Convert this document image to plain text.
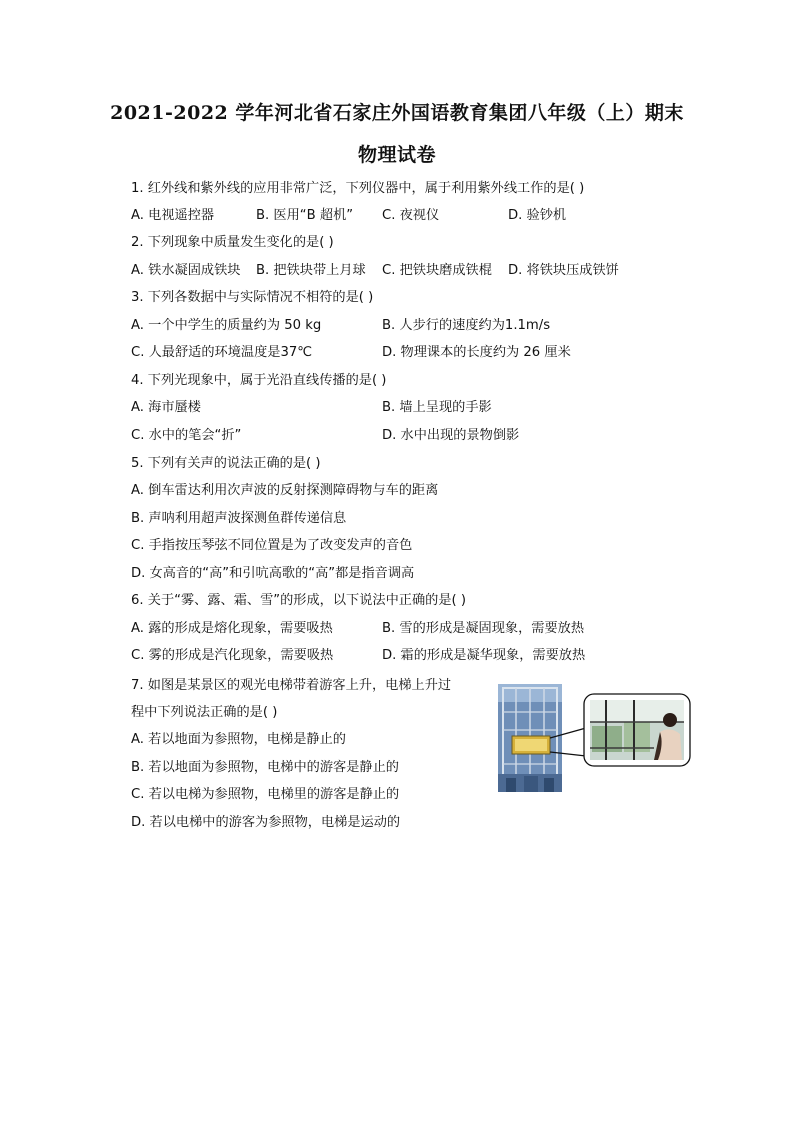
2021-2022 学年河北省石家庄外国语教育集团八年级（上）期末
物理试卷
1. 红外线和紫外线的应用非常广泛，下列仪器中，属于利用紫外线工作的是( )
A. 电视遥控器	B. 医用“B 超机” C. 夜视仪	D. 验钞机
2. 下列现象中质量发生变化的是( )
A. 铁水凝固成铁块 B. 把铁块带上月球 C. 把铁块磨成铁棍 D. 将铁块压成铁饼
3. 下列各数据中与实际情况不相符的是( )
A. 一个中学生的质量约为 50 kg	B. 人步行的速度约为1.1m/s
C. 人最舒适的环境温度是37℃	D. 物理课本的长度约为 26 厘米
4. 下列光现象中，属于光沿直线传播的是( )
A. 海市蜃楼	B. 墙上呈现的手影
C. 水中的笔会“折”	D. 水中出现的景物倒影
5. 下列有关声的说法正确的是( )
A. 倒车雷达利用次声波的反射探测障碍物与车的距离
B. 声呐利用超声波探测鱼群传递信息
C. 手指按压琴弦不同位置是为了改变发声的音色
D. 女高音的“高”和引吭高歌的“高”都是指音调高
6. 关于“雾、露、霜、雪”的形成，以下说法中正确的是( )
A. 露的形成是熔化现象，需要吸热	B. 雪的形成是凝固现象，需要放热
C. 雾的形成是汽化现象，需要吸热	D. 霜的形成是凝华现象，需要放热
7. 如图是某景区的观光电梯带着游客上升，电梯上升过
程中下列说法正确的是( )
A. 若以地面为参照物，电梯是静止的
B. 若以地面为参照物，电梯中的游客是静止的
C. 若以电梯为参照物，电梯里的游客是静止的
D. 若以电梯中的游客为参照物，电梯是运动的
